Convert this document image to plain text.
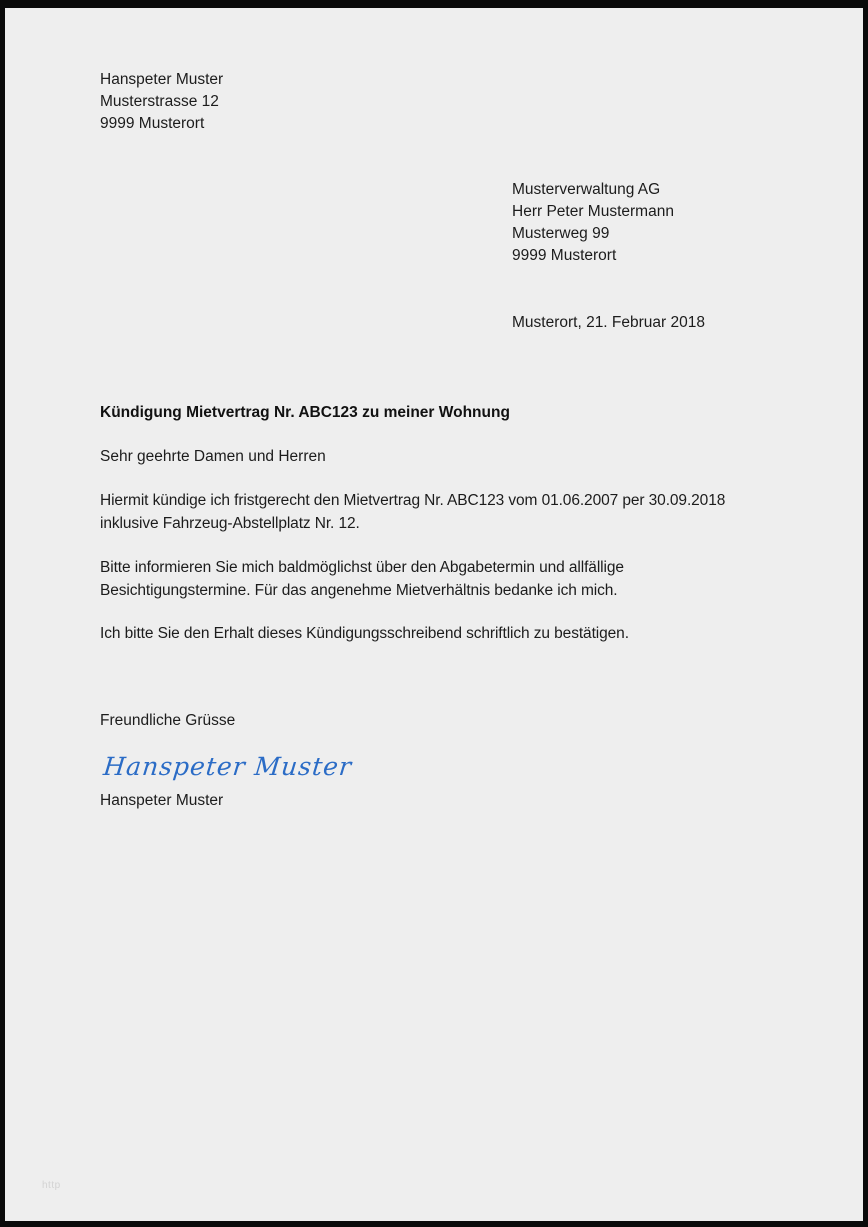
Hanspeter Muster
Musterstrasse 12
9999 Musterort
Musterverwaltung AG
Herr Peter Mustermann
Musterweg 99
9999 Musterort
Musterort, 21. Februar 2018
Kündigung Mietvertrag Nr. ABC123 zu meiner Wohnung
Sehr geehrte Damen und Herren
Hiermit kündige ich fristgerecht den Mietvertrag Nr. ABC123 vom 01.06.2007 per 30.09.2018 inklusive Fahrzeug-Abstellplatz Nr. 12.
Bitte informieren Sie mich baldmöglichst über den Abgabetermin und allfällige Besichtigungstermine. Für das angenehme Mietverhältnis bedanke ich mich.
Ich bitte Sie den Erhalt dieses Kündigungsschreibend schriftlich zu bestätigen.
Freundliche Grüsse
Hanspeter Muster
Hanspeter Muster
http
